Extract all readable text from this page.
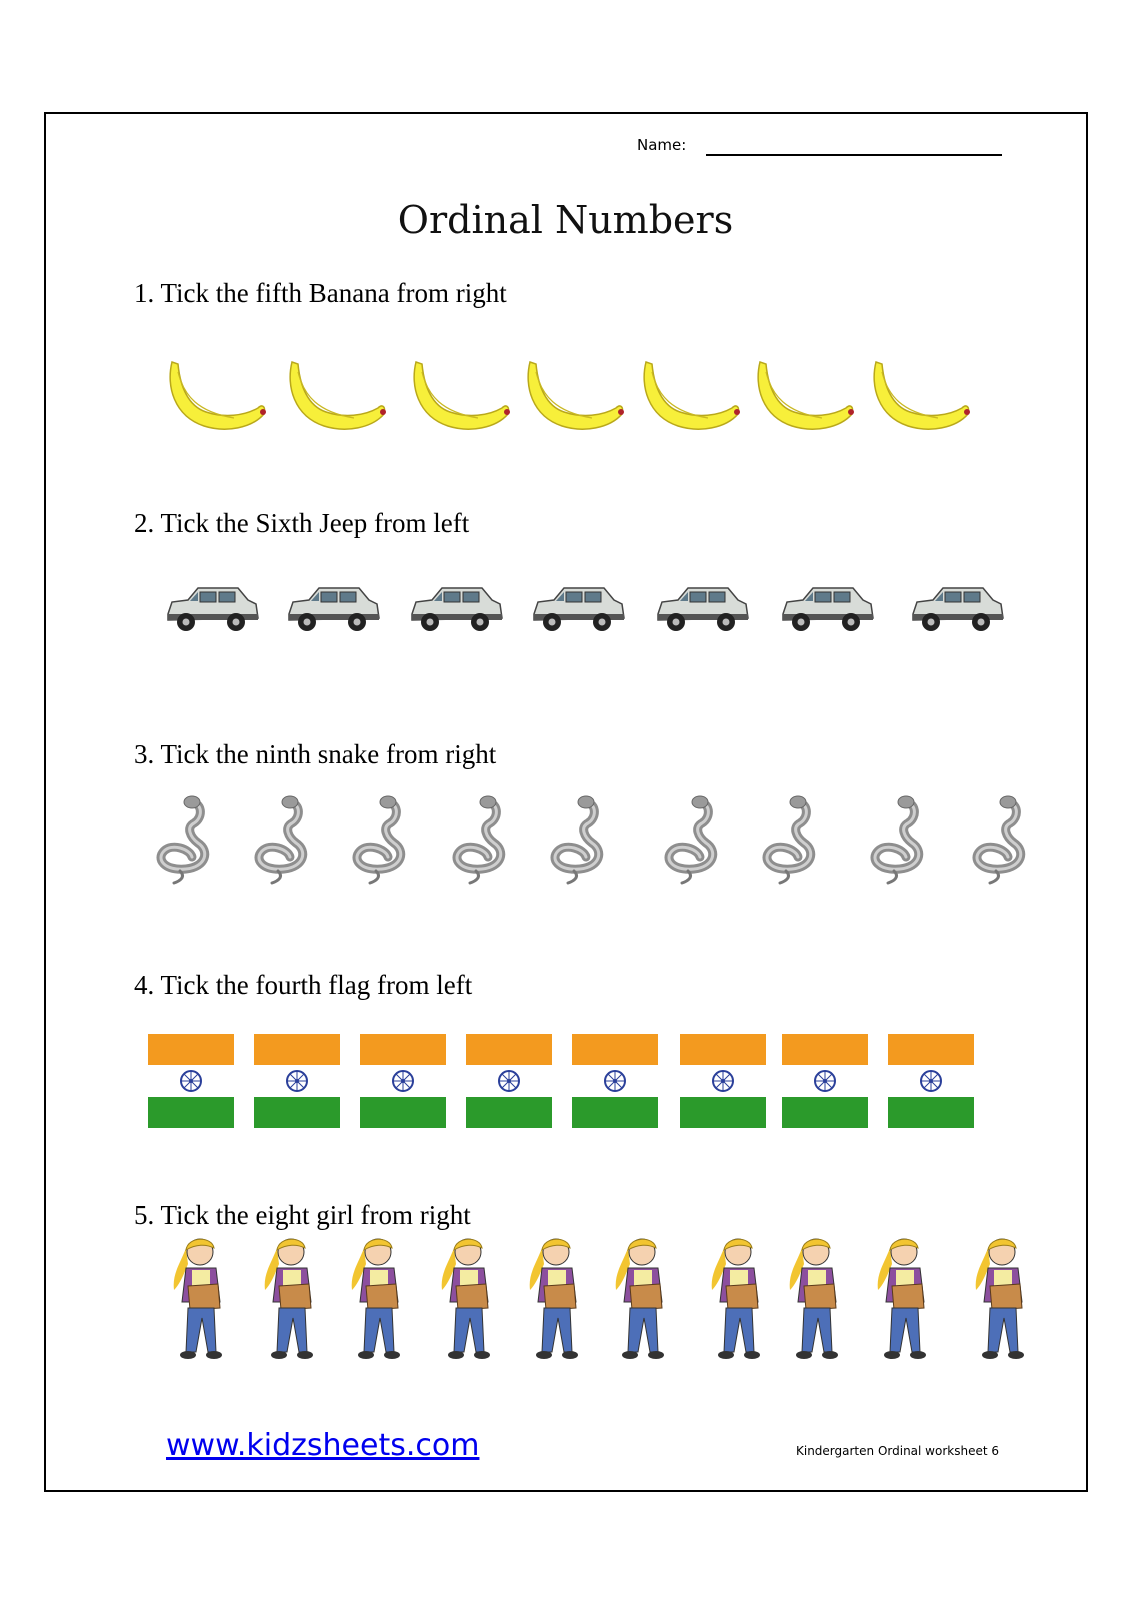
Name:
Ordinal Numbers
1. Tick the fifth Banana from right
2. Tick the Sixth Jeep from left
3. Tick the ninth snake from right
4. Tick the fourth flag from left
5. Tick the eight girl from right
www.kidzsheets.com	Kindergarten Ordinal worksheet 6
